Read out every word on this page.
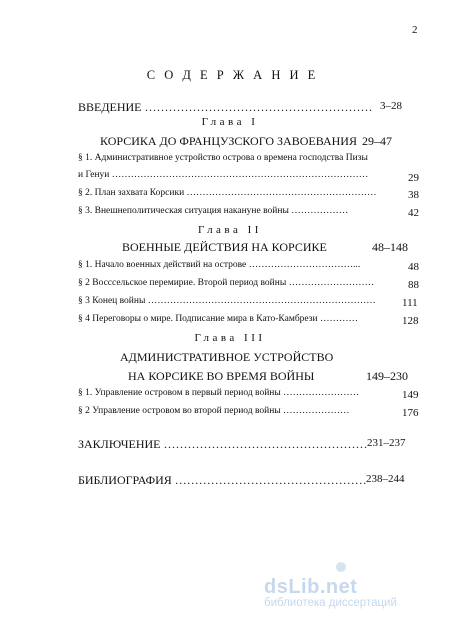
2
С О Д Е Р Ж А Н И Е
ВВЕДЕНИЕ ………………………………………………… 3–28
Глава I
КОРСИКА ДО ФРАНЦУЗСКОГО ЗАВОЕВАНИЯ 29–47
§ 1. Административное устройство острова о времена господства Пизы
и Генуи ………………………………………………………………………	29
§ 2. План захвата Корсики ……………………………………………………	38
§ 3. Внешнеполитическая ситуация накануне войны ………………	42
Глава II
ВОЕННЫЕ ДЕЙСТВИЯ НА КОРСИКЕ	48–148
§ 1. Начало военных действий на острове ……………………………...	48
§ 2 Восссельское перемирие. Второй период войны ………………………	88
§ 3 Конец войны ……………………………………………………………… 111
§ 4 Переговоры о мире. Подписание мира в Като-Камбрези …………	128
Глава III
АДМИНИСТРАТИВНОЕ УСТРОЙСТВО
НА КОРСИКЕ ВО ВРЕМЯ ВОЙНЫ	149–230
§ 1. Управление островом в первый период войны ……………………	149
§ 2 Управление островом во второй период войны …………………	176
ЗАКЛЮЧЕНИЕ …………………………………………… 231–237
БИБЛИОГРАФИЯ ………………………………………… 238–244
dsLib.net
библиотека диссертаций
